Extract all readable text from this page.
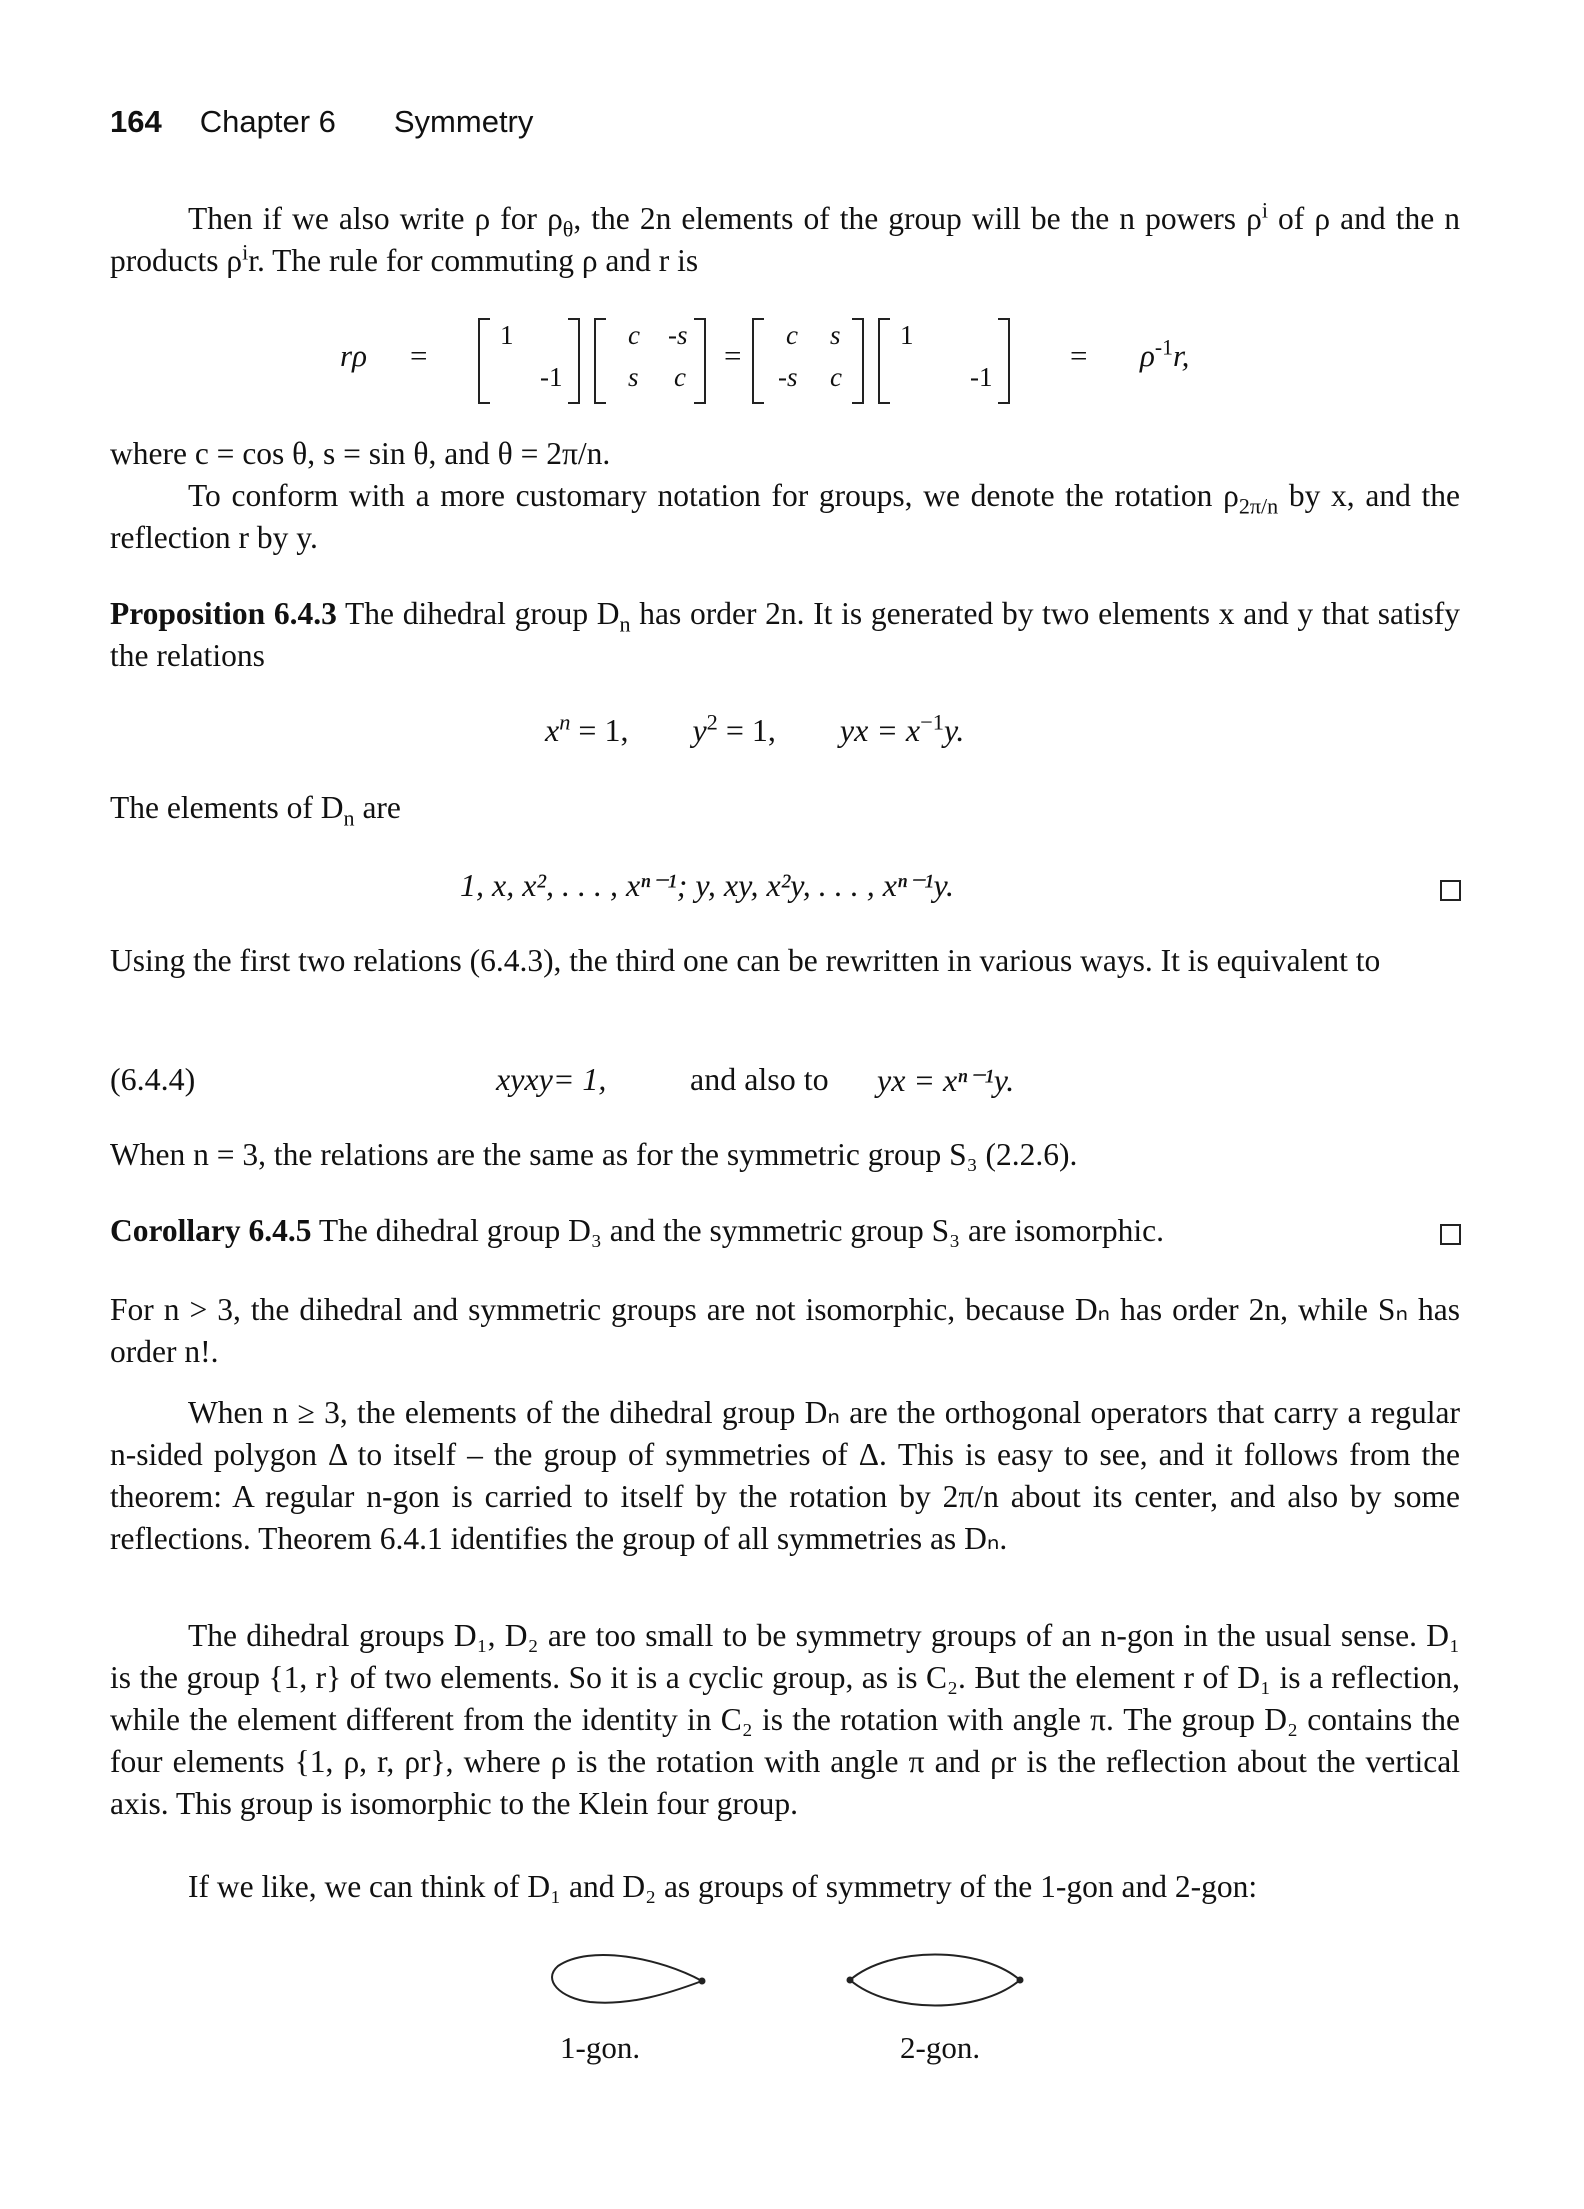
164 Chapter 6 Symmetry
Then if we also write ρ for $\rho_\theta$, the 2n elements of the group will be the n powers $\rho^i$ of ρ and the n products $\rho^ir$. The rule for commuting ρ and r is
rρ =
1
-1
c -s
s c
=
c s
-s c
1
-1
= $\rho^{-1}r$,
where c = cos θ, s = sin θ, and θ = 2π/n.
To conform with a more customary notation for groups, we denote the rotation $\rho_{2\pi/n}$ by x, and the reflection r by y.
Proposition 6.4.3 The dihedral group $D_n$ has order 2n. It is generated by two elements x and y that satisfy the relations
$x^n = 1$, $y^2 = 1$, yx = $x^{-1}y$.
The elements of $D_n$ are
1, x, x², . . . , xⁿ⁻¹; y, xy, x²y, . . . , xⁿ⁻¹y.
Using the first two relations (6.4.3), the third one can be rewritten in various ways. It is equivalent to
(6.4.4)	xyxy= 1,	and also to yx = xⁿ⁻¹y.
When n = 3, the relations are the same as for the symmetric group S₃ (2.2.6).
Corollary 6.4.5 The dihedral group D₃ and the symmetric group S₃ are isomorphic.
For n > 3, the dihedral and symmetric groups are not isomorphic, because Dₙ has order 2n, while Sₙ has order n!.
When n ≥ 3, the elements of the dihedral group Dₙ are the orthogonal operators that carry a regular n-sided polygon Δ to itself – the group of symmetries of Δ. This is easy to see, and it follows from the theorem: A regular n-gon is carried to itself by the rotation by 2π/n about its center, and also by some reflections. Theorem 6.4.1 identifies the group of all symmetries as Dₙ.
The dihedral groups D₁, D₂ are too small to be symmetry groups of an n-gon in the usual sense. D₁ is the group {1, r} of two elements. So it is a cyclic group, as is C₂. But the element r of D₁ is a reflection, while the element different from the identity in C₂ is the rotation with angle π. The group D₂ contains the four elements {1, ρ, r, ρr}, where ρ is the rotation with angle π and ρr is the reflection about the vertical axis. This group is isomorphic to the Klein four group.
If we like, we can think of D₁ and D₂ as groups of symmetry of the 1-gon and 2-gon:
1-gon.	2-gon.
